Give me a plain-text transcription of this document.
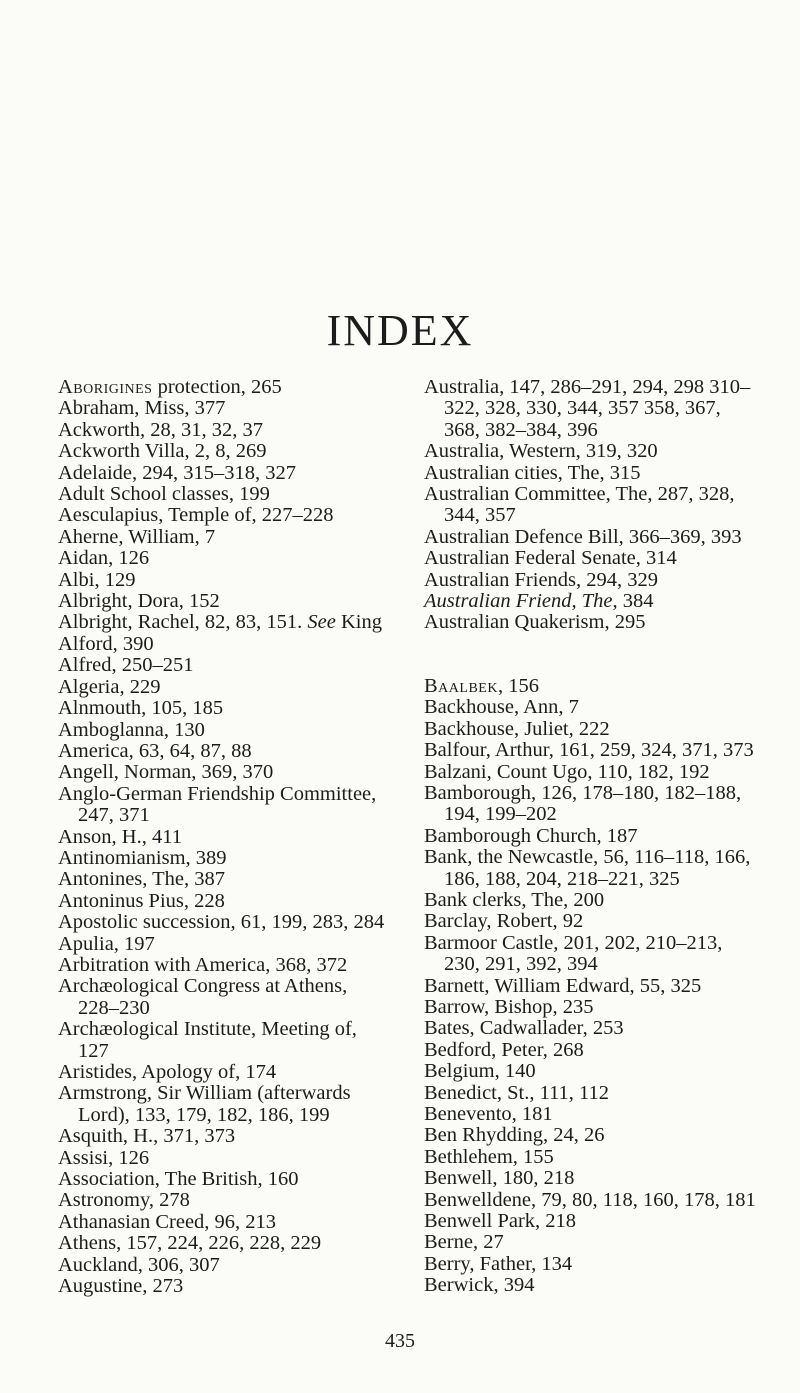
INDEX

Aborigines protection, 265

Abraham, Miss, 377

Ackworth, 28, 31, 32, 37

Ackworth Villa, 2, 8, 269

Adelaide, 294, 315–318, 327

Adult School classes, 199

Aesculapius, Temple of, 227–228

Aherne, William, 7

Aidan, 126

Albi, 129

Albright, Dora, 152

Albright, Rachel, 82, 83, 151. See King

Alford, 390

Alfred, 250–251

Algeria, 229

Alnmouth, 105, 185

Amboglanna, 130

America, 63, 64, 87, 88

Angell, Norman, 369, 370

Anglo-German Friendship Committee, 247, 371

Anson, H., 411

Antinomianism, 389

Antonines, The, 387

Antoninus Pius, 228

Apostolic succession, 61, 199, 283, 284

Apulia, 197

Arbitration with America, 368, 372

Archæological Congress at Athens, 228–230

Archæological Institute, Meeting of, 127

Aristides, Apology of, 174

Armstrong, Sir William (afterwards Lord), 133, 179, 182, 186, 199

Asquith, H., 371, 373

Assisi, 126

Association, The British, 160

Astronomy, 278

Athanasian Creed, 96, 213

Athens, 157, 224, 226, 228, 229

Auckland, 306, 307

Augustine, 273

Australia, 147, 286–291, 294, 298 310–322, 328, 330, 344, 357 358, 367, 368, 382–384, 396

Australia, Western, 319, 320

Australian cities, The, 315

Australian Committee, The, 287, 328, 344, 357

Australian Defence Bill, 366–369, 393

Australian Federal Senate, 314

Australian Friends, 294, 329

Australian Friend, The, 384

Australian Quakerism, 295

Baalbek, 156

Backhouse, Ann, 7

Backhouse, Juliet, 222

Balfour, Arthur, 161, 259, 324, 371, 373

Balzani, Count Ugo, 110, 182, 192

Bamborough, 126, 178–180, 182–188, 194, 199–202

Bamborough Church, 187

Bank, the Newcastle, 56, 116–118, 166, 186, 188, 204, 218–221, 325

Bank clerks, The, 200

Barclay, Robert, 92

Barmoor Castle, 201, 202, 210–213, 230, 291, 392, 394

Barnett, William Edward, 55, 325

Barrow, Bishop, 235

Bates, Cadwallader, 253

Bedford, Peter, 268

Belgium, 140

Benedict, St., 111, 112

Benevento, 181

Ben Rhydding, 24, 26

Bethlehem, 155

Benwell, 180, 218

Benwelldene, 79, 80, 118, 160, 178, 181

Benwell Park, 218

Berne, 27

Berry, Father, 134

Berwick, 394

435
